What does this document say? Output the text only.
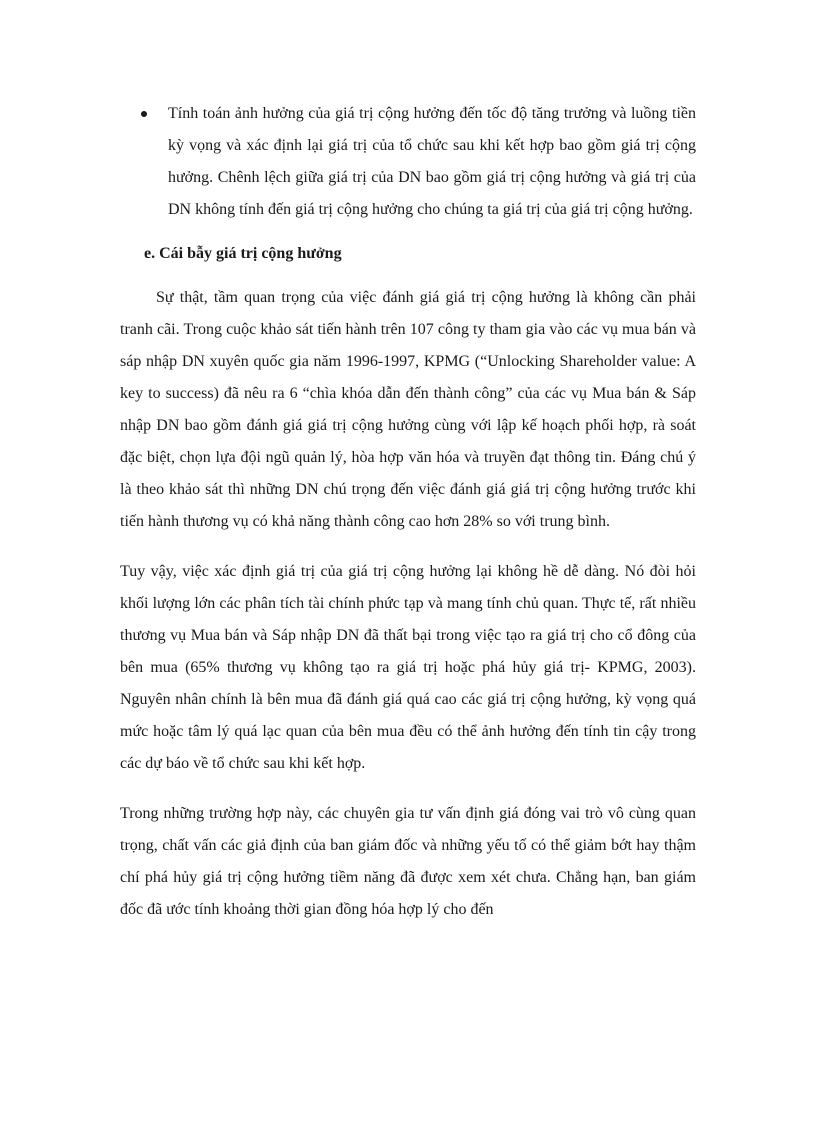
Tính toán ảnh hưởng của giá trị cộng hưởng đến tốc độ tăng trưởng và luồng tiền kỳ vọng và xác định lại giá trị của tổ chức sau khi kết hợp bao gồm giá trị cộng hưởng. Chênh lệch giữa giá trị của DN bao gồm giá trị cộng hưởng và giá trị của DN không tính đến giá trị cộng hưởng cho chúng ta giá trị của giá trị cộng hưởng.

e. Cái bẫy giá trị cộng hưởng

Sự thật, tầm quan trọng của việc đánh giá giá trị cộng hưởng là không cần phải tranh cãi. Trong cuộc khảo sát tiến hành trên 107 công ty tham gia vào các vụ mua bán và sáp nhập DN xuyên quốc gia năm 1996-1997, KPMG (“Unlocking Shareholder value: A key to success) đã nêu ra 6 “chìa khóa dẫn đến thành công” của các vụ Mua bán & Sáp nhập DN bao gồm đánh giá giá trị cộng hưởng cùng với lập kế hoạch phối hợp, rà soát đặc biệt, chọn lựa đội ngũ quản lý, hòa hợp văn hóa và truyền đạt thông tin. Đáng chú ý là theo khảo sát thì những DN chú trọng đến việc đánh giá giá trị cộng hưởng trước khi tiến hành thương vụ có khả năng thành công cao hơn 28% so với trung bình.

Tuy vậy, việc xác định giá trị của giá trị cộng hưởng lại không hề dễ dàng. Nó đòi hỏi khối lượng lớn các phân tích tài chính phức tạp và mang tính chủ quan. Thực tế, rất nhiều thương vụ Mua bán và Sáp nhập DN đã thất bại trong việc tạo ra giá trị cho cổ đông của bên mua (65% thương vụ không tạo ra giá trị hoặc phá hủy giá trị- KPMG, 2003). Nguyên nhân chính là bên mua đã đánh giá quá cao các giá trị cộng hưởng, kỳ vọng quá mức hoặc tâm lý quá lạc quan của bên mua đều có thể ảnh hưởng đến tính tin cậy trong các dự báo về tổ chức sau khi kết hợp.

Trong những trường hợp này, các chuyên gia tư vấn định giá đóng vai trò vô cùng quan trọng, chất vấn các giả định của ban giám đốc và những yếu tố có thể giảm bớt hay thậm chí phá hủy giá trị cộng hưởng tiềm năng đã được xem xét chưa. Chẳng hạn, ban giám đốc đã ước tính khoảng thời gian đồng hóa hợp lý cho đến
